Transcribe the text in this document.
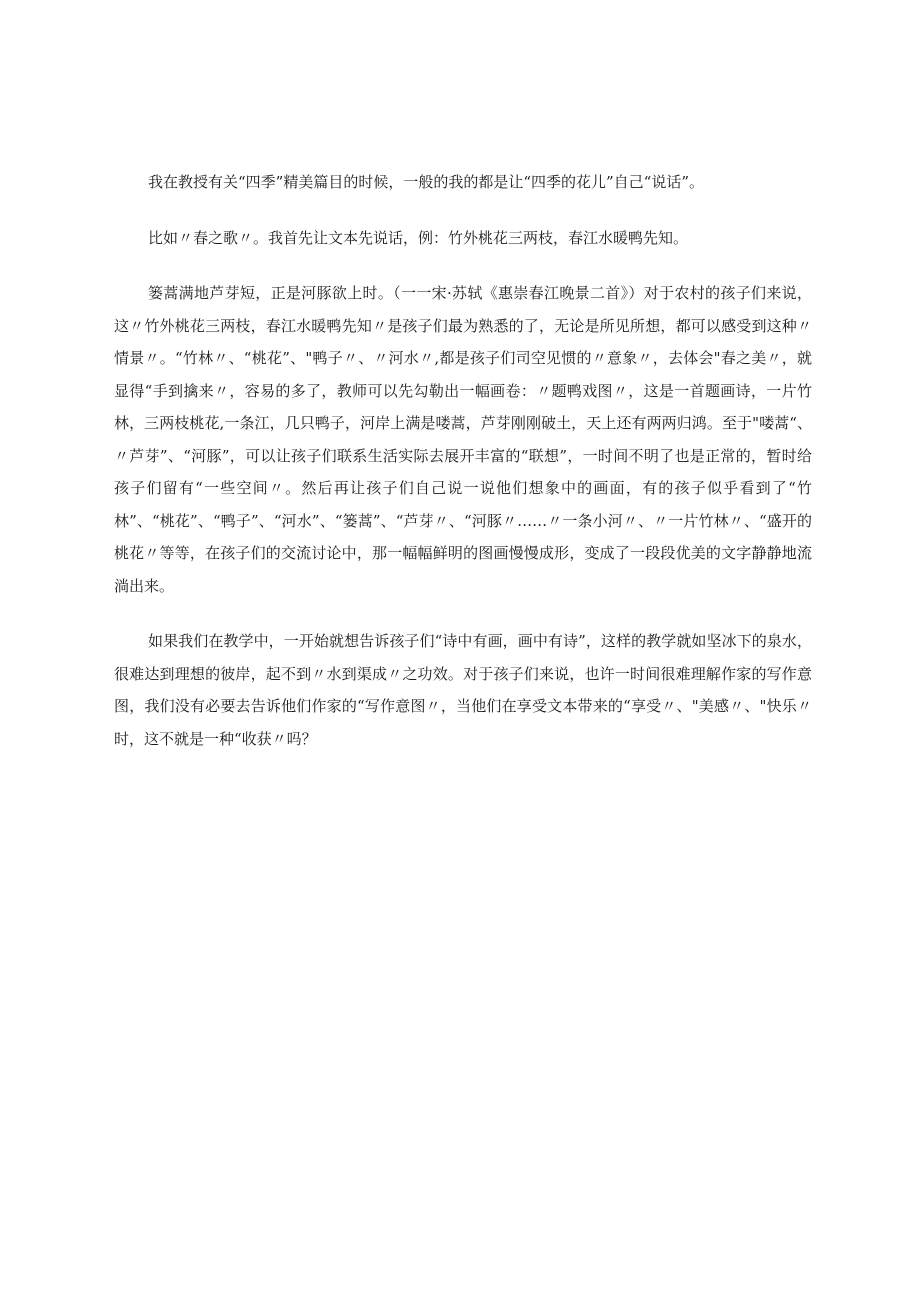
我在教授有关“四季”精美篇目的时候，一般的我的都是让“四季的花儿”自己“说话”。

比如〃春之歌〃。我首先让文本先说话，例：竹外桃花三两枝，春江水暖鸭先知。

篓蒿满地芦芽短，正是河豚欲上时。（一一宋·苏轼《惠崇春江晚景二首》）对于农村的孩子们来说，这〃竹外桃花三两枝，春江水暖鸭先知〃是孩子们最为熟悉的了，无论是所见所想，都可以感受到这种〃情景〃。“竹林〃、“桃花”、"鸭子〃、〃河水〃,都是孩子们司空见惯的〃意象〃，去体会"春之美〃，就显得“手到擒来〃，容易的多了，教师可以先勾勒出一幅画卷：〃题鸭戏图〃，这是一首题画诗，一片竹林，三两枝桃花,一条江，几只鸭子，河岸上满是喽蒿，芦芽刚刚破土，天上还有两两归鸿。至于"喽蒿“、〃芦芽”、“河豚”，可以让孩子们联系生活实际去展开丰富的“联想”，一时间不明了也是正常的，暂时给孩子们留有“一些空间〃。然后再让孩子们自己说一说他们想象中的画面，有的孩子似乎看到了“竹林”、“桃花”、“鸭子”、“河水”、“篓蒿”、“芦芽〃、“河豚〃……〃一条小河〃、〃一片竹林〃、“盛开的桃花〃等等，在孩子们的交流讨论中，那一幅幅鲜明的图画慢慢成形，变成了一段段优美的文字静静地流淌出来。

如果我们在教学中，一开始就想告诉孩子们“诗中有画，画中有诗”，这样的教学就如坚冰下的泉水，很难达到理想的彼岸，起不到〃水到渠成〃之功效。对于孩子们来说，也许一时间很难理解作家的写作意图，我们没有必要去告诉他们作家的“写作意图〃，当他们在享受文本带来的“享受〃、"美感〃、"快乐〃时，这不就是一种“收获〃吗？
